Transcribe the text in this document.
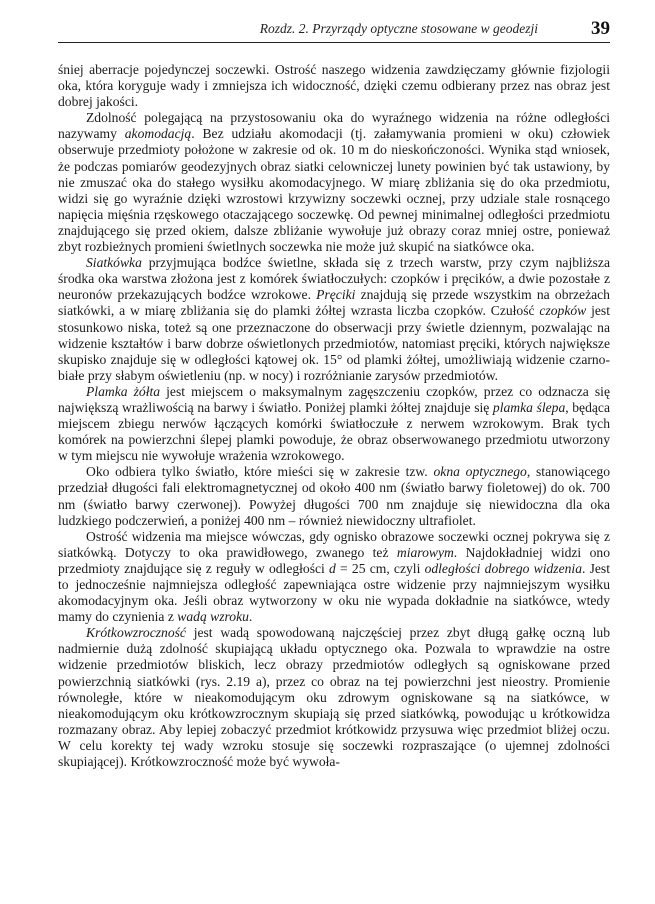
Rozdz. 2. Przyrządy optyczne stosowane w geodezji	39

śniej aberracje pojedynczej soczewki. Ostrość naszego widzenia zawdzięczamy głównie fizjologii oka, która koryguje wady i zmniejsza ich widoczność, dzięki czemu odbierany przez nas obraz jest dobrej jakości.

Zdolność polegającą na przystosowaniu oka do wyraźnego widzenia na różne odległości nazywamy akomodacją. Bez udziału akomodacji (tj. załamywania promieni w oku) człowiek obserwuje przedmioty położone w zakresie od ok. 10 m do nieskończoności. Wynika stąd wniosek, że podczas pomiarów geodezyjnych obraz siatki celowniczej lunety powinien być tak ustawiony, by nie zmuszać oka do stałego wysiłku akomodacyjnego. W miarę zbliżania się do oka przedmiotu, widzi się go wyraźnie dzięki wzrostowi krzywizny soczewki ocznej, przy udziale stale rosnącego napięcia mięśnia rzęskowego otaczającego soczewkę. Od pewnej minimalnej odległości przedmiotu znajdującego się przed okiem, dalsze zbliżanie wywołuje już obrazy coraz mniej ostre, ponieważ zbyt rozbieżnych promieni świetlnych soczewka nie może już skupić na siatkówce oka.

Siatkówka przyjmująca bodźce świetlne, składa się z trzech warstw, przy czym najbliższa środka oka warstwa złożona jest z komórek światłoczułych: czopków i pręcików, a dwie pozostałe z neuronów przekazujących bodźce wzrokowe. Pręciki znajdują się przede wszystkim na obrzeżach siatkówki, a w miarę zbliżania się do plamki żółtej wzrasta liczba czopków. Czułość czopków jest stosunkowo niska, toteż są one przeznaczone do obserwacji przy świetle dziennym, pozwalając na widzenie kształtów i barw dobrze oświetlonych przedmiotów, natomiast pręciki, których największe skupisko znajduje się w odległości kątowej ok. 15° od plamki żółtej, umożliwiają widzenie czarno-białe przy słabym oświetleniu (np. w nocy) i rozróżnianie zarysów przedmiotów.

Plamka żółta jest miejscem o maksymalnym zagęszczeniu czopków, przez co odznacza się największą wrażliwością na barwy i światło. Poniżej plamki żółtej znajduje się plamka ślepa, będąca miejscem zbiegu nerwów łączących komórki światłoczułe z nerwem wzrokowym. Brak tych komórek na powierzchni ślepej plamki powoduje, że obraz obserwowanego przedmiotu utworzony w tym miejscu nie wywołuje wrażenia wzrokowego.

Oko odbiera tylko światło, które mieści się w zakresie tzw. okna optycznego, stanowiącego przedział długości fali elektromagnetycznej od około 400 nm (światło barwy fioletowej) do ok. 700 nm (światło barwy czerwonej). Powyżej długości 700 nm znajduje się niewidoczna dla oka ludzkiego podczerwień, a poniżej 400 nm – również niewidoczny ultrafiolet.

Ostrość widzenia ma miejsce wówczas, gdy ognisko obrazowe soczewki ocznej pokrywa się z siatkówką. Dotyczy to oka prawidłowego, zwanego też miarowym. Najdokładniej widzi ono przedmioty znajdujące się z reguły w odległości d = 25 cm, czyli odległości dobrego widzenia. Jest to jednocześnie najmniejsza odległość zapewniająca ostre widzenie przy najmniejszym wysiłku akomodacyjnym oka. Jeśli obraz wytworzony w oku nie wypada dokładnie na siatkówce, wtedy mamy do czynienia z wadą wzroku.

Krótkowzroczność jest wadą spowodowaną najczęściej przez zbyt długą gałkę oczną lub nadmiernie dużą zdolność skupiającą układu optycznego oka. Pozwala to wprawdzie na ostre widzenie przedmiotów bliskich, lecz obrazy przedmiotów odległych są ogniskowane przed powierzchnią siatkówki (rys. 2.19 a), przez co obraz na tej powierzchni jest nieostry. Promienie równoległe, które w nieakomodującym oku zdrowym ogniskowane są na siatkówce, w nieakomodującym oku krótkowzrocznym skupiają się przed siatkówką, powodując u krótkowidza rozmazany obraz. Aby lepiej zobaczyć przedmiot krótkowidz przysuwa więc przedmiot bliżej oczu. W celu korekty tej wady wzroku stosuje się soczewki rozpraszające (o ujemnej zdolności skupiającej). Krótkowzroczność może być wywoła-
